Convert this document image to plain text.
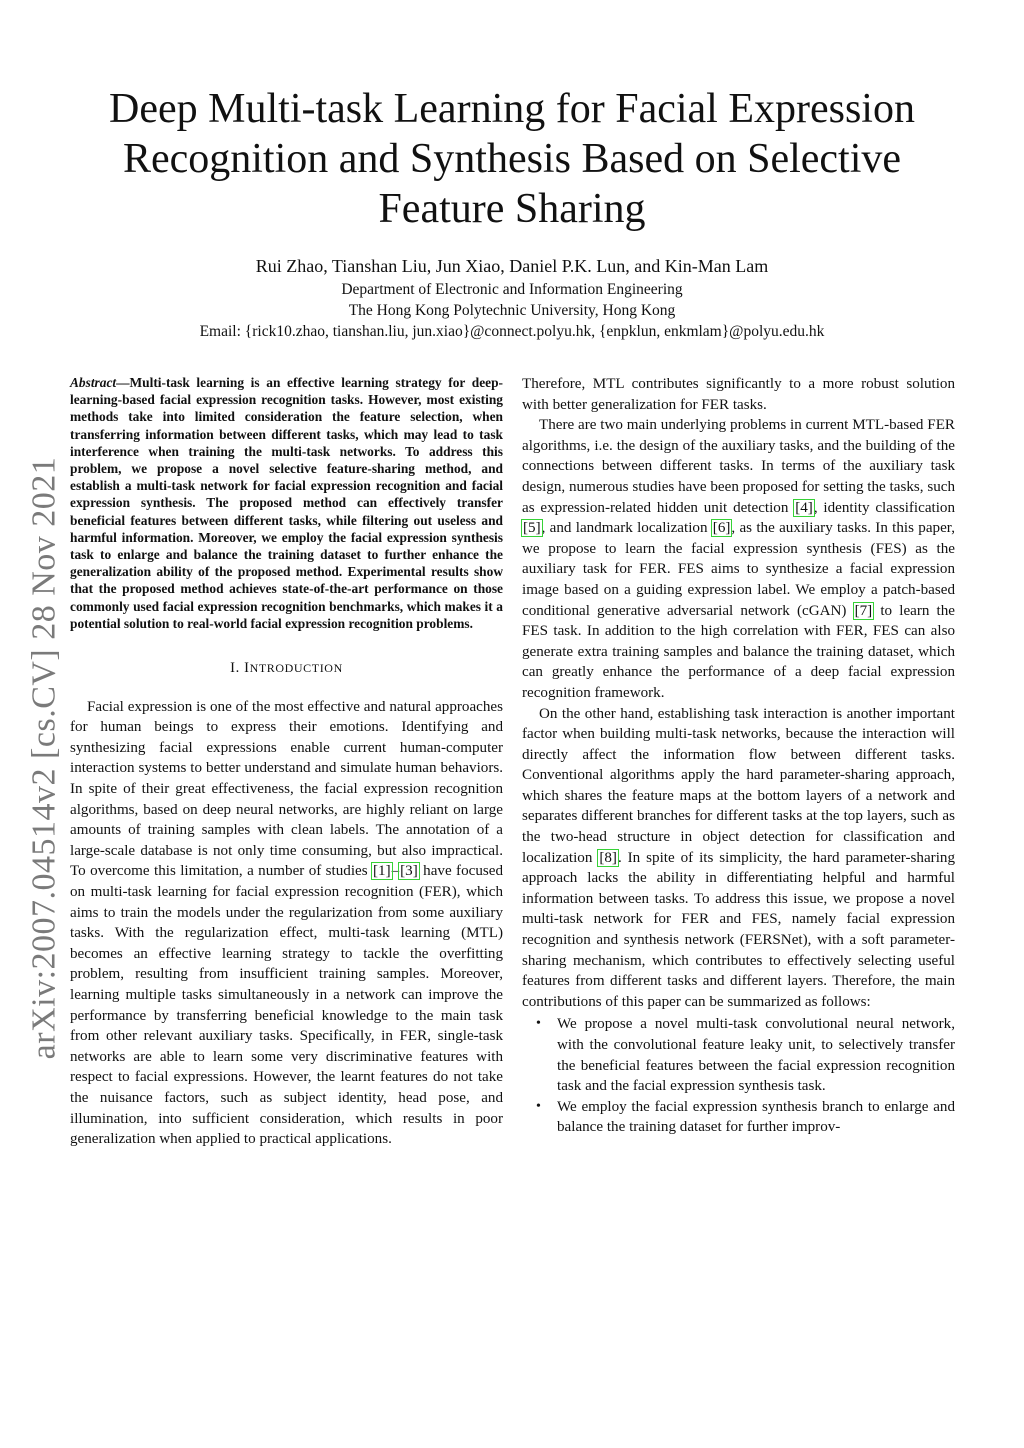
arXiv:2007.04514v2 [cs.CV] 28 Nov 2021
Deep Multi-task Learning for Facial Expression Recognition and Synthesis Based on Selective Feature Sharing
Rui Zhao, Tianshan Liu, Jun Xiao, Daniel P.K. Lun, and Kin-Man Lam
Department of Electronic and Information Engineering
The Hong Kong Polytechnic University, Hong Kong
Email: {rick10.zhao, tianshan.liu, jun.xiao}@connect.polyu.hk, {enpklun, enkmlam}@polyu.edu.hk

Abstract—Multi-task learning is an effective learning strategy for deep-learning-based facial expression recognition tasks. However, most existing methods take into limited consideration the feature selection, when transferring information between different tasks, which may lead to task interference when training the multi-task networks. To address this problem, we propose a novel selective feature-sharing method, and establish a multi-task network for facial expression recognition and facial expression synthesis. The proposed method can effectively transfer beneficial features between different tasks, while filtering out useless and harmful information. Moreover, we employ the facial expression synthesis task to enlarge and balance the training dataset to further enhance the generalization ability of the proposed method. Experimental results show that the proposed method achieves state-of-the-art performance on those commonly used facial expression recognition benchmarks, which makes it a potential solution to real-world facial expression recognition problems.

I. INTRODUCTION

Facial expression is one of the most effective and natural approaches for human beings to express their emotions. Identifying and synthesizing facial expressions enable current human-computer interaction systems to better understand and simulate human behaviors. In spite of their great effectiveness, the facial expression recognition algorithms, based on deep neural networks, are highly reliant on large amounts of training samples with clean labels. The annotation of a large-scale database is not only time consuming, but also impractical. To overcome this limitation, a number of studies [1]–[3] have focused on multi-task learning for facial expression recognition (FER), which aims to train the models under the regularization from some auxiliary tasks. With the regularization effect, multi-task learning (MTL) becomes an effective learning strategy to tackle the overfitting problem, resulting from insufficient training samples. Moreover, learning multiple tasks simultaneously in a network can improve the performance by transferring beneficial knowledge to the main task from other relevant auxiliary tasks. Specifically, in FER, single-task networks are able to learn some very discriminative features with respect to facial expressions. However, the learnt features do not take the nuisance factors, such as subject identity, head pose, and illumination, into sufficient consideration, which results in poor generalization when applied to practical applications.

Therefore, MTL contributes significantly to a more robust solution with better generalization for FER tasks.

There are two main underlying problems in current MTL-based FER algorithms, i.e. the design of the auxiliary tasks, and the building of the connections between different tasks. In terms of the auxiliary task design, numerous studies have been proposed for setting the tasks, such as expression-related hidden unit detection [4], identity classification [5], and landmark localization [6], as the auxiliary tasks. In this paper, we propose to learn the facial expression synthesis (FES) as the auxiliary task for FER. FES aims to synthesize a facial expression image based on a guiding expression label. We employ a patch-based conditional generative adversarial network (cGAN) [7] to learn the FES task. In addition to the high correlation with FER, FES can also generate extra training samples and balance the training dataset, which can greatly enhance the performance of a deep facial expression recognition framework.

On the other hand, establishing task interaction is another important factor when building multi-task networks, because the interaction will directly affect the information flow between different tasks. Conventional algorithms apply the hard parameter-sharing approach, which shares the feature maps at the bottom layers of a network and separates different branches for different tasks at the top layers, such as the two-head structure in object detection for classification and localization [8]. In spite of its simplicity, the hard parameter-sharing approach lacks the ability in differentiating helpful and harmful information between tasks. To address this issue, we propose a novel multi-task network for FER and FES, namely facial expression recognition and synthesis network (FERSNet), with a soft parameter-sharing mechanism, which contributes to effectively selecting useful features from different tasks and different layers. Therefore, the main contributions of this paper can be summarized as follows:

• We propose a novel multi-task convolutional neural network, with the convolutional feature leaky unit, to selectively transfer the beneficial features between the facial expression recognition task and the facial expression synthesis task.
• We employ the facial expression synthesis branch to enlarge and balance the training dataset for further improv-
